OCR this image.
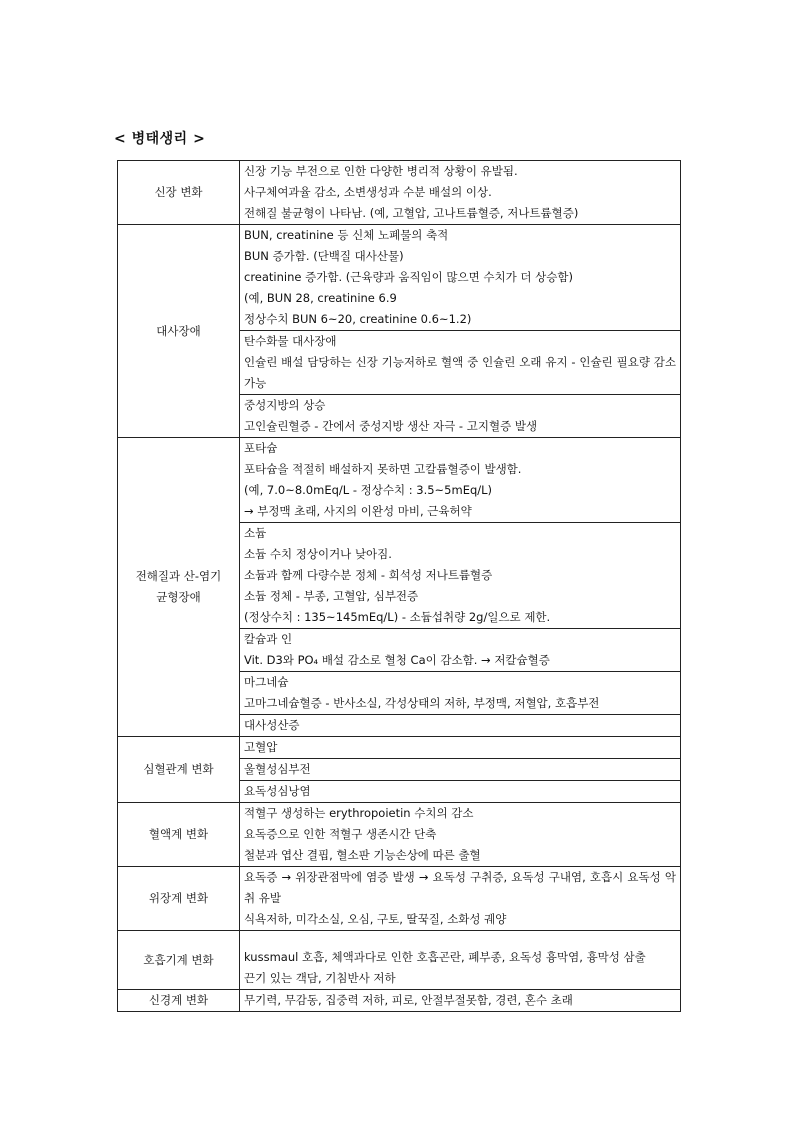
< 병태생리 >
신장 변화	신장 기능 부전으로 인한 다양한 병리적 상황이 유발됨.
사구체여과율 감소, 소변생성과 수분 배설의 이상.
전해질 불균형이 나타남. (예, 고혈압, 고나트륨혈증, 저나트륨혈증)

대사장애	BUN, creatinine 등 신체 노폐물의 축적
BUN 증가함. (단백질 대사산물)
creatinine 증가함. (근육량과 움직임이 많으면 수치가 더 상승함)
(예, BUN 28, creatinine 6.9
정상수치 BUN 6~20, creatinine 0.6~1.2)

	탄수화물 대사장애
인슐린 배설 담당하는 신장 기능저하로 혈액 중 인슐린 오래 유지 - 인슐린 필요량 감소 가능

	중성지방의 상승
고인슐린혈증 - 간에서 중성지방 생산 자극 - 고지혈증 발생

전해질과 산-염기
균형장애	포타슘
포타슘을 적절히 배설하지 못하면 고칼륨혈증이 발생함.
(예, 7.0~8.0mEq/L - 정상수치 : 3.5~5mEq/L)
→ 부정맥 초래, 사지의 이완성 마비, 근육허약

	소듐
소듐 수치 정상이거나 낮아짐.
소듐과 함께 다량수분 정체 - 희석성 저나트륨혈증
소듐 정체 - 부종, 고혈압, 심부전증
(정상수치 : 135~145mEq/L) - 소듐섭취량 2g/일으로 제한.

	칼슘과 인
Vit. D3와 PO₄ 배설 감소로 혈청 Ca이 감소함. → 저칼슘혈증

	마그네슘
고마그네슘혈증 - 반사소실, 각성상태의 저하, 부정맥, 저혈압, 호흡부전

	대사성산증

심혈관계 변화	고혈압

	울혈성심부전

	요독성심낭염

혈액계 변화	적혈구 생성하는 erythropoietin 수치의 감소
요독증으로 인한 적혈구 생존시간 단축
철분과 엽산 결핍, 혈소판 기능손상에 따른 출혈

위장계 변화	요독증 → 위장관점막에 염증 발생 → 요독성 구취증, 요독성 구내염, 호흡시 요독성 악취 유발
식욕저하, 미각소실, 오심, 구토, 딸꾹질, 소화성 궤양

호흡기계 변화	kussmaul 호흡, 체액과다로 인한 호흡곤란, 폐부종, 요독성 흉막염, 흉막성 삼출
끈기 있는 객담, 기침반사 저하

신경계 변화	무기력, 무감동, 집중력 저하, 피로, 안절부절못함, 경련, 혼수 초래
